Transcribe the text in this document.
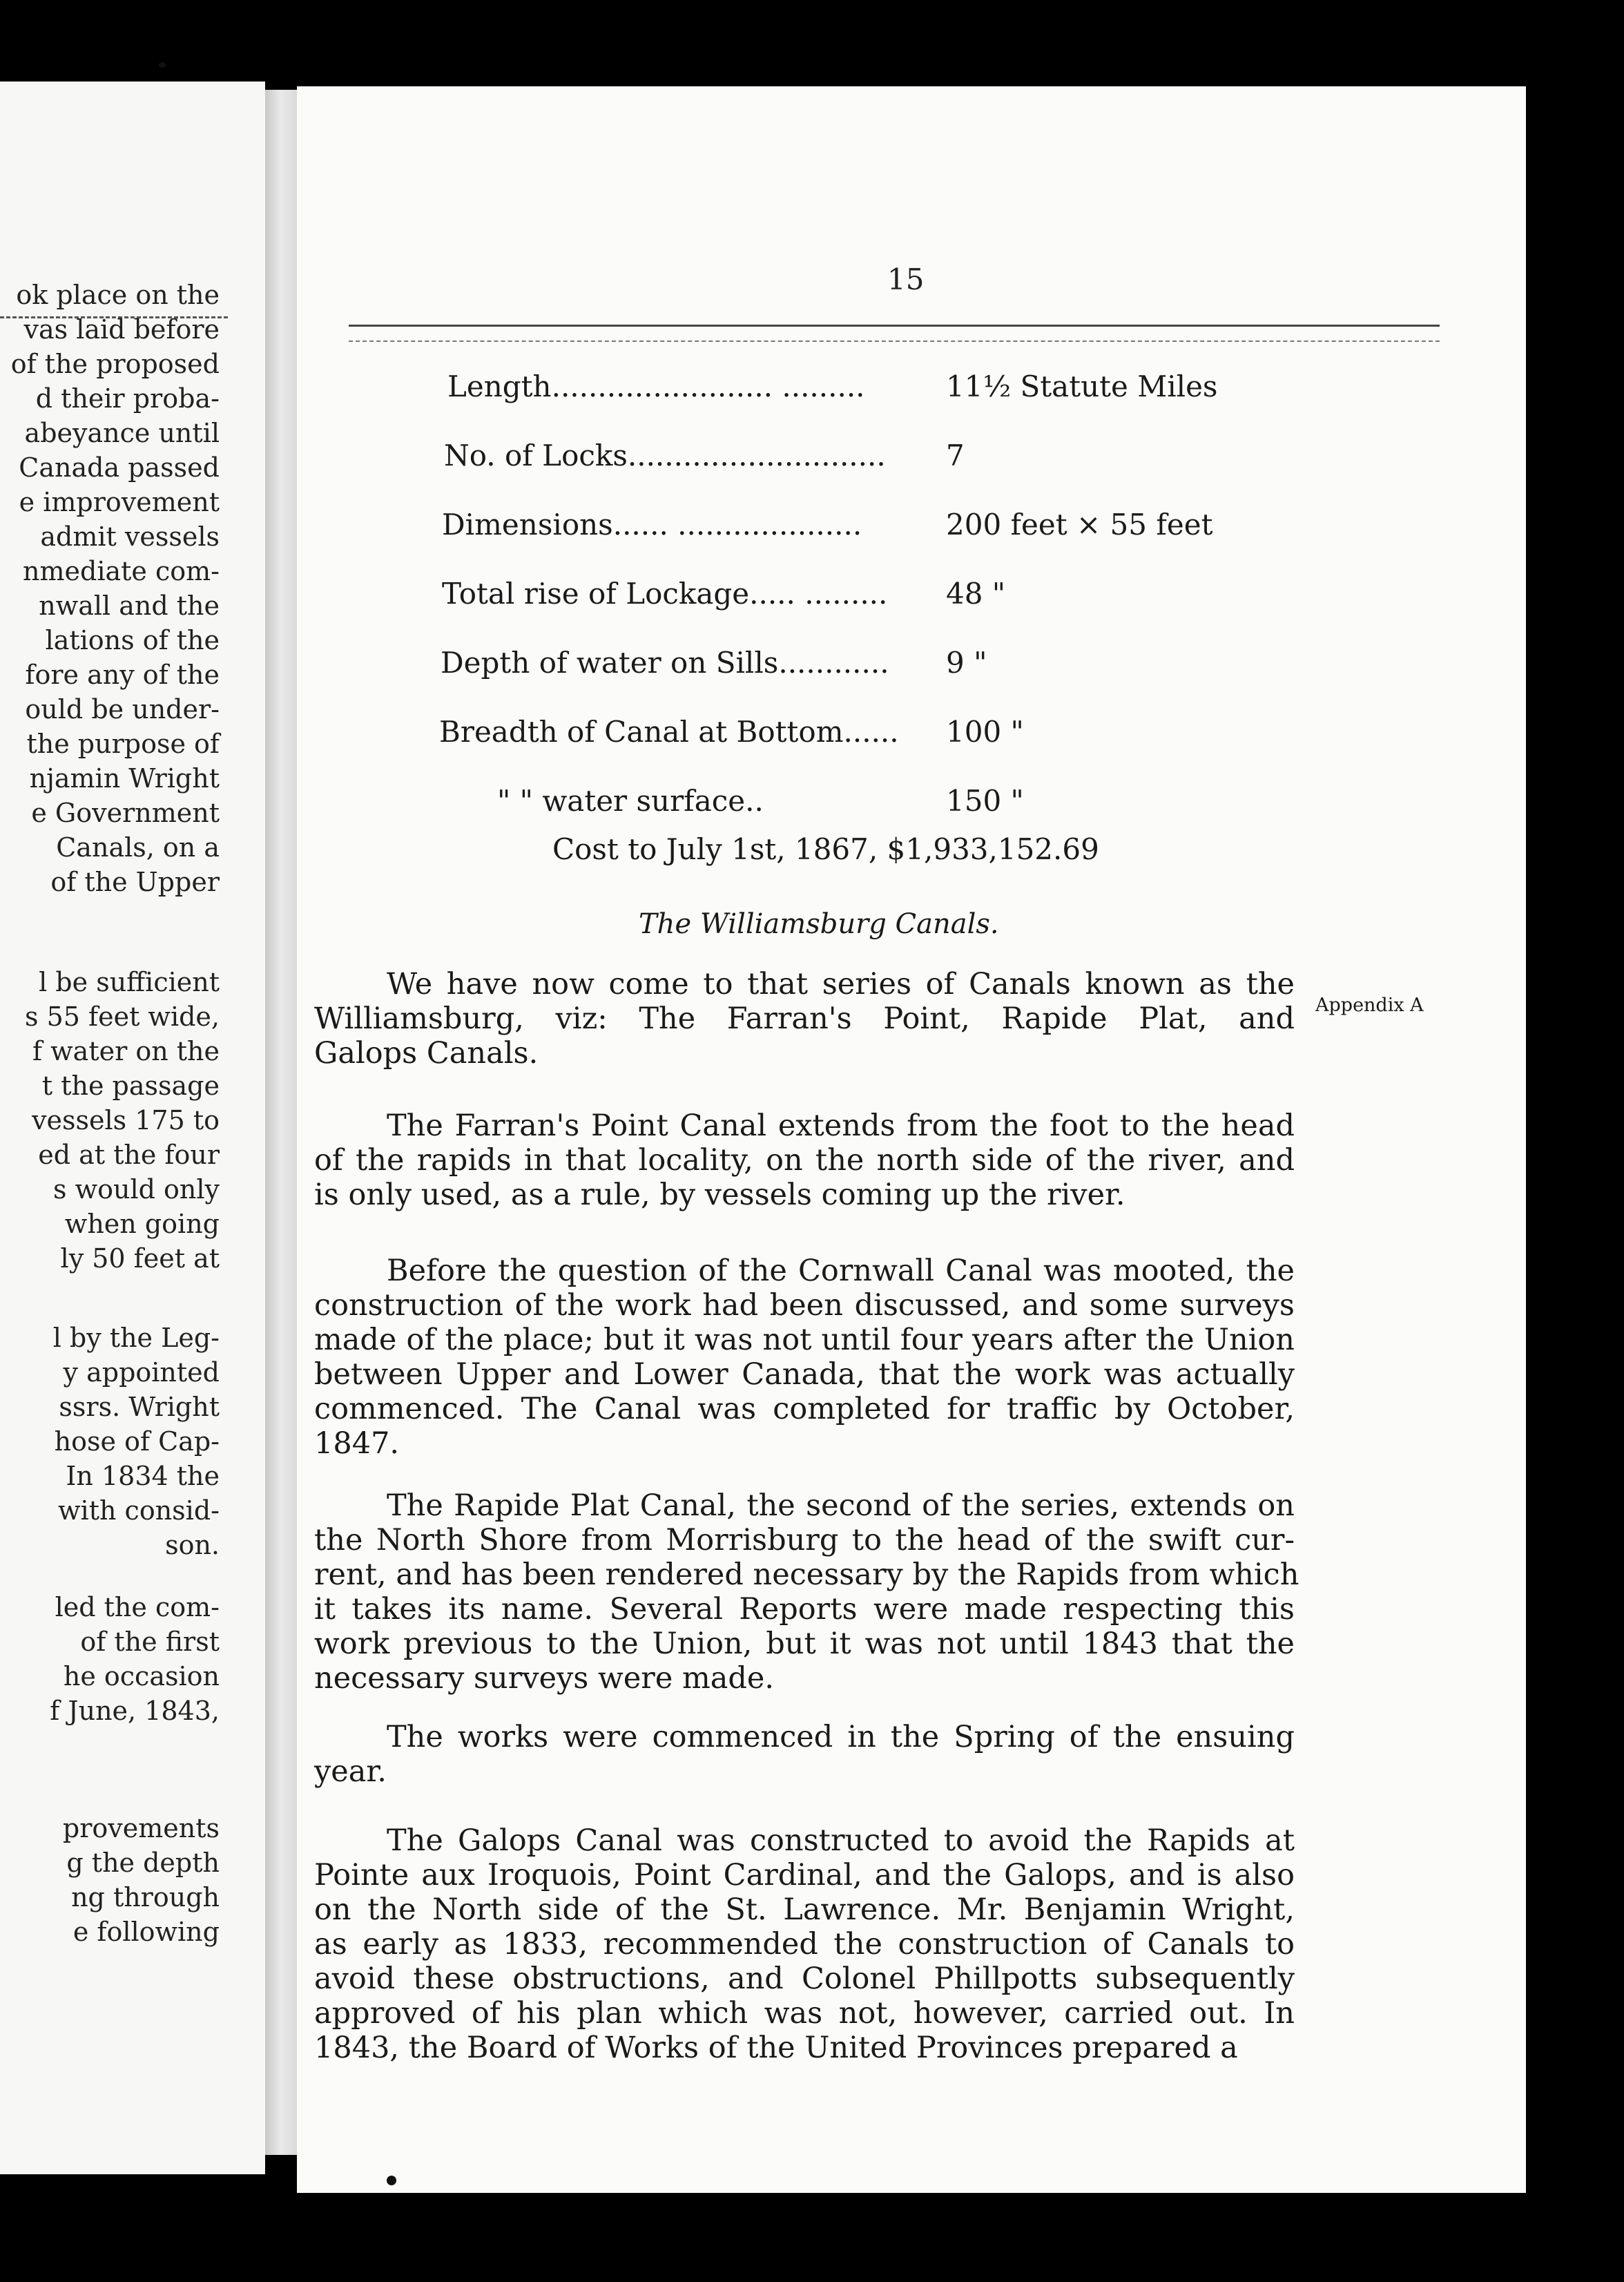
ok place on the
vas laid before
of the proposed
d their proba-
abeyance until
Canada passed
e improvement
admit vessels
nmediate com-
nwall and the
lations of the
fore any of the
ould be under-
the purpose of
njamin Wright
e Government
Canals, on a
of the Upper
l be sufficient
s 55 feet wide,
f water on the
t the passage
vessels 175 to
ed at the four
s would only
when going
ly 50 feet at
l by the Leg-
y appointed
ssrs. Wright
hose of Cap-
In 1834 the
with consid-
son.
led the com-
of the first
he occasion
f June, 1843,
provements
g the depth
ng through
e following
15
Length........................ .........	11½ Statute Miles
No. of Locks............................ 7
Dimensions...... ....................	200 feet × 55 feet
Total rise of Lockage..... ......... 48 "
Depth of water on Sills............ 9 "
Breadth of Canal at Bottom...... 100 "
" " water surface..	150 "
Cost to July 1st, 1867, $1,933,152.69
The Williamsburg Canals.
Appendix A
We have now come to that series of Canals known as the
Williamsburg, viz: The Farran's Point, Rapide Plat, and
Galops Canals.
The Farran's Point Canal extends from the foot to the head
of the rapids in that locality, on the north side of the river, and
is only used, as a rule, by vessels coming up the river.
Before the question of the Cornwall Canal was mooted, the
construction of the work had been discussed, and some surveys
made of the place; but it was not until four years after the Union
between Upper and Lower Canada, that the work was actually
commenced. The Canal was completed for traffic by October,
1847.
The Rapide Plat Canal, the second of the series, extends on
the North Shore from Morrisburg to the head of the swift cur-
rent, and has been rendered necessary by the Rapids from which
it takes its name. Several Reports were made respecting this
work previous to the Union, but it was not until 1843 that the
necessary surveys were made.
The works were commenced in the Spring of the ensuing
year.
The Galops Canal was constructed to avoid the Rapids at
Pointe aux Iroquois, Point Cardinal, and the Galops, and is also
on the North side of the St. Lawrence. Mr. Benjamin Wright,
as early as 1833, recommended the construction of Canals to
avoid these obstructions, and Colonel Phillpotts subsequently
approved of his plan which was not, however, carried out. In
1843, the Board of Works of the United Provinces prepared a
